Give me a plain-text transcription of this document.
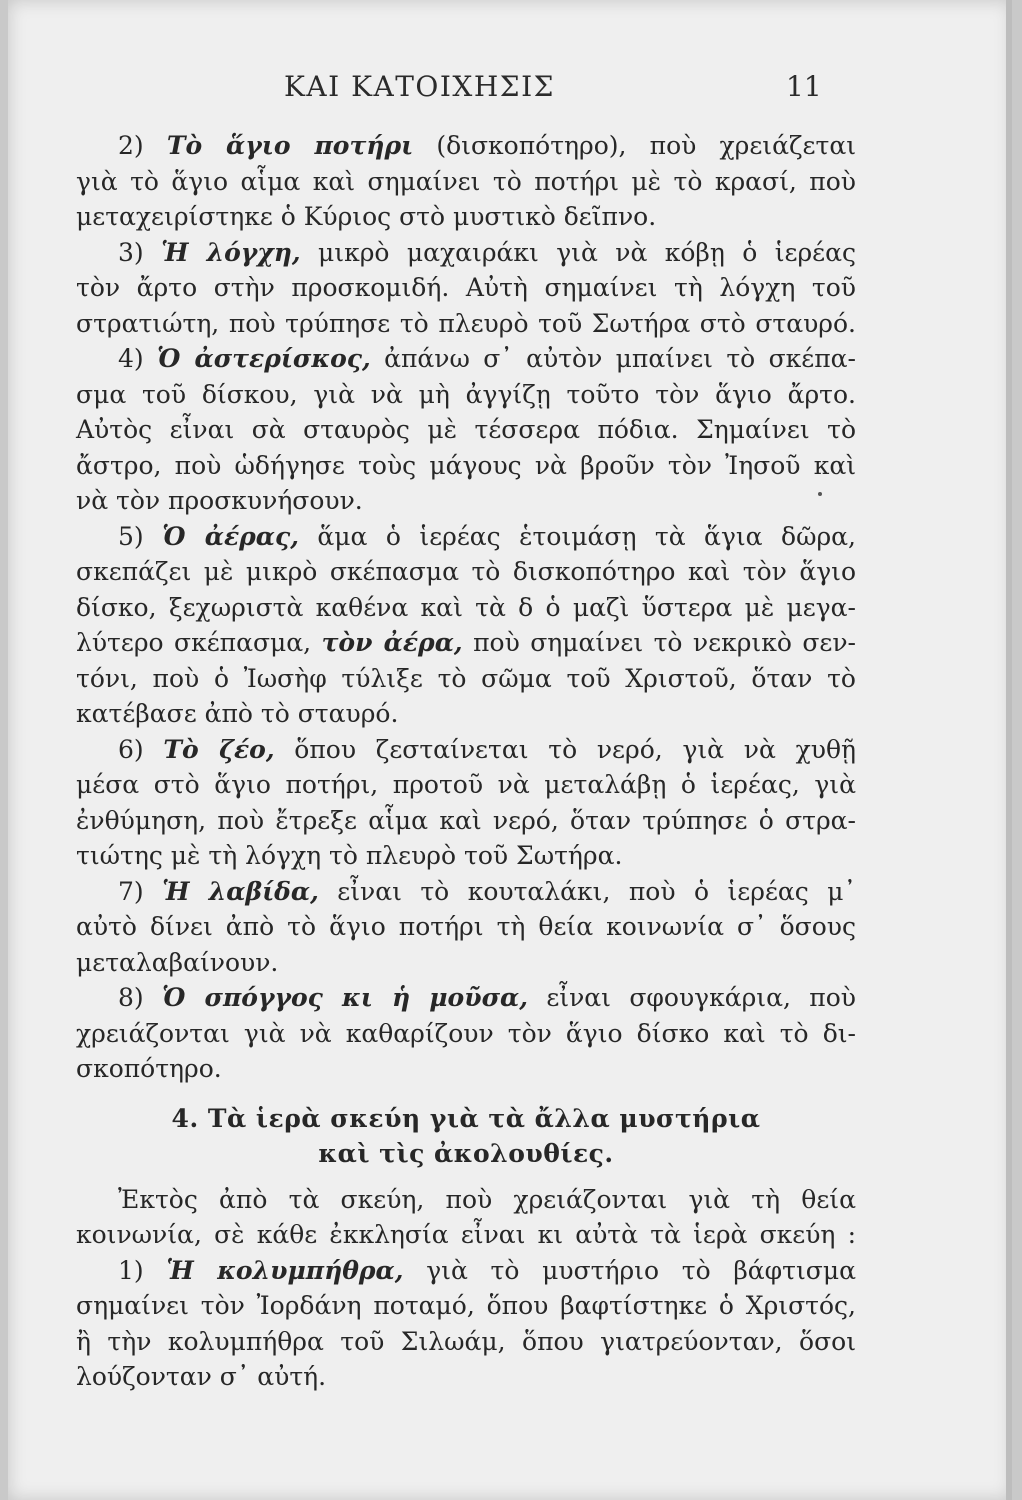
ΚΑΙ ΚΑΤΟΙΧΗΣΙΣ	11
2) Τὸ ἅγιο ποτήρι (δισκοπότηρο), ποὺ χρειάζεται
γιὰ τὸ ἅγιο αἷμα καὶ σημαίνει τὸ ποτήρι μὲ τὸ κρασί, ποὺ
μεταχειρίστηκε ὁ Κύριος στὸ μυστικὸ δεῖπνο.
3) Ἡ λόγχη, μικρὸ μαχαιράκι γιὰ νὰ κόβῃ ὁ ἱερέας
τὸν ἄρτο στὴν προσκομιδή. Αὐτὴ σημαίνει τὴ λόγχη τοῦ
στρατιώτη, ποὺ τρύπησε τὸ πλευρὸ τοῦ Σωτήρα στὸ σταυρό.
4) Ὁ ἀστερίσκος, ἀπάνω σ᾿ αὐτὸν μπαίνει τὸ σκέπα-
σμα τοῦ δίσκου, γιὰ νὰ μὴ ἀγγίζῃ τοῦτο τὸν ἅγιο ἄρτο.
Αὐτὸς εἶναι σὰ σταυρὸς μὲ τέσσερα πόδια. Σημαίνει τὸ
ἄστρο, ποὺ ὡδήγησε τοὺς μάγους νὰ βροῦν τὸν Ἰησοῦ καὶ
νὰ τὸν προσκυνήσουν.
5) Ὁ ἀέρας, ἅμα ὁ ἱερέας ἑτοιμάσῃ τὰ ἅγια δῶρα,
σκεπάζει μὲ μικρὸ σκέπασμα τὸ δισκοπότηρο καὶ τὸν ἅγιο
δίσκο, ξεχωριστὰ καθένα καὶ τὰ δ ὁ μαζὶ ὕστερα μὲ μεγα-
λύτερο σκέπασμα, τὸν ἀέρα, ποὺ σημαίνει τὸ νεκρικὸ σεν-
τόνι, ποὺ ὁ Ἰωσὴφ τύλιξε τὸ σῶμα τοῦ Χριστοῦ, ὅταν τὸ
κατέβασε ἀπὸ τὸ σταυρό.
6) Τὸ ζέο, ὅπου ζεσταίνεται τὸ νερό, γιὰ νὰ χυθῇ
μέσα στὸ ἅγιο ποτήρι, προτοῦ νὰ μεταλάβῃ ὁ ἱερέας, γιὰ
ἐνθύμηση, ποὺ ἔτρεξε αἷμα καὶ νερό, ὅταν τρύπησε ὁ στρα-
τιώτης μὲ τὴ λόγχη τὸ πλευρὸ τοῦ Σωτήρα.
7) Ἡ λαβίδα, εἶναι τὸ κουταλάκι, ποὺ ὁ ἱερέας μ᾿
αὐτὸ δίνει ἀπὸ τὸ ἅγιο ποτήρι τὴ θεία κοινωνία σ᾿ ὅσους
μεταλαβαίνουν.
8) Ὁ σπόγγος κι ἡ μοῦσα, εἶναι σφουγκάρια, ποὺ
χρειάζονται γιὰ νὰ καθαρίζουν τὸν ἅγιο δίσκο καὶ τὸ δι-
σκοπότηρο.
4. Τὰ ἱερὰ σκεύη γιὰ τὰ ἄλλα μυστήρια
καὶ τὶς ἀκολουθίες.
Ἐκτὸς ἀπὸ τὰ σκεύη, ποὺ χρειάζονται γιὰ τὴ θεία
κοινωνία, σὲ κάθε ἐκκλησία εἶναι κι αὐτὰ τὰ ἱερὰ σκεύη :
1) Ἡ κολυμπήθρα, γιὰ τὸ μυστήριο τὸ βάφτισμα
σημαίνει τὸν Ἰορδάνη ποταμό, ὅπου βαφτίστηκε ὁ Χριστός,
ἢ τὴν κολυμπήθρα τοῦ Σιλωάμ, ὅπου γιατρεύονταν, ὅσοι
λούζονταν σ᾿ αὐτή.
